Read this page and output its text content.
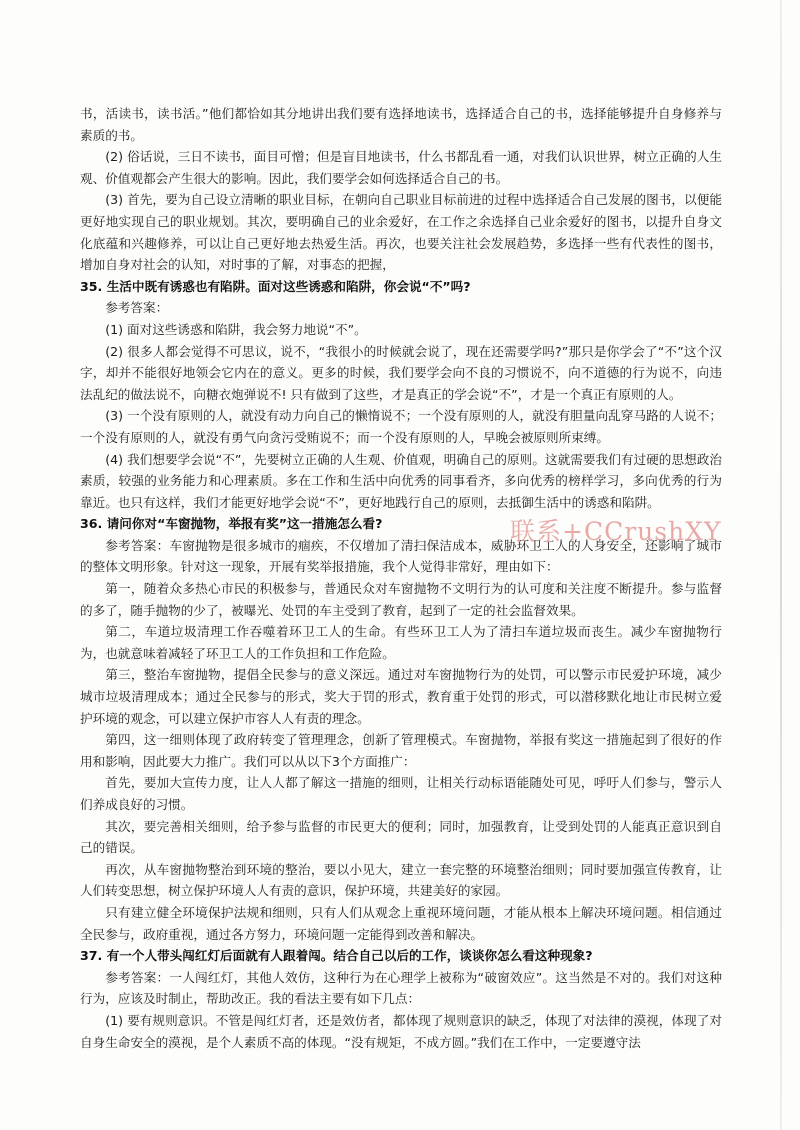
书，活读书，读书活。”他们都恰如其分地讲出我们要有选择地读书，选择适合自己的书，选择能够提升自身修养与素质的书。

(2) 俗话说，三日不读书，面目可憎；但是盲目地读书，什么书都乱看一通，对我们认识世界，树立正确的人生观、价值观都会产生很大的影响。因此，我们要学会如何选择适合自己的书。

(3) 首先，要为自己设立清晰的职业目标，在朝向自己职业目标前进的过程中选择适合自己发展的图书，以便能更好地实现自己的职业规划。其次，要明确自己的业余爱好，在工作之余选择自己业余爱好的图书，以提升自身文化底蕴和兴趣修养，可以让自己更好地去热爱生活。再次，也要关注社会发展趋势，多选择一些有代表性的图书，增加自身对社会的认知，对时事的了解，对事态的把握，

35. 生活中既有诱惑也有陷阱。面对这些诱惑和陷阱，你会说“不”吗?

参考答案：

(1) 面对这些诱惑和陷阱，我会努力地说“不”。

(2) 很多人都会觉得不可思议，说不，“我很小的时候就会说了，现在还需要学吗?”那只是你学会了“不”这个汉字，却并不能很好地领会它内在的意义。更多的时候，我们要学会向不良的习惯说不，向不道德的行为说不，向违法乱纪的做法说不，向糖衣炮弹说不! 只有做到了这些，才是真正的学会说“不”，才是一个真正有原则的人。

(3) 一个没有原则的人，就没有动力向自己的懒惰说不；一个没有原则的人，就没有胆量向乱穿马路的人说不；一个没有原则的人，就没有勇气向贪污受贿说不；而一个没有原则的人，早晚会被原则所束缚。

(4) 我们想要学会说“不”，先要树立正确的人生观、价值观，明确自己的原则。这就需要我们有过硬的思想政治素质，较强的业务能力和心理素质。多在工作和生活中向优秀的同事看齐，多向优秀的榜样学习，多向优秀的行为靠近。也只有这样，我们才能更好地学会说“不”，更好地践行自己的原则，去抵御生活中的诱惑和陷阱。

36. 请问你对“车窗抛物，举报有奖”这一措施怎么看?

参考答案：车窗抛物是很多城市的痼疾，不仅增加了清扫保洁成本，威胁环卫工人的人身安全，还影响了城市的整体文明形象。针对这一现象，开展有奖举报措施，我个人觉得非常好，理由如下：

第一，随着众多热心市民的积极参与，普通民众对车窗抛物不文明行为的认可度和关注度不断提升。参与监督的多了，随手抛物的少了，被曝光、处罚的车主受到了教育，起到了一定的社会监督效果。

第二，车道垃圾清理工作吞噬着环卫工人的生命。有些环卫工人为了清扫车道垃圾而丧生。减少车窗抛物行为，也就意味着减轻了环卫工人的工作负担和工作危险。

第三，整治车窗抛物，提倡全民参与的意义深远。通过对车窗抛物行为的处罚，可以警示市民爱护环境，减少城市垃圾清理成本；通过全民参与的形式，奖大于罚的形式，教育重于处罚的形式，可以潜移默化地让市民树立爱护环境的观念，可以建立保护市容人人有责的理念。

第四，这一细则体现了政府转变了管理理念，创新了管理模式。车窗抛物，举报有奖这一措施起到了很好的作用和影响，因此要大力推广。我们可以从以下3个方面推广：

首先，要加大宣传力度，让人人都了解这一措施的细则，让相关行动标语能随处可见，呼吁人们参与，警示人们养成良好的习惯。

其次，要完善相关细则，给予参与监督的市民更大的便利；同时，加强教育，让受到处罚的人能真正意识到自己的错误。

再次，从车窗抛物整治到环境的整治，要以小见大，建立一套完整的环境整治细则；同时要加强宣传教育，让人们转变思想，树立保护环境人人有责的意识，保护环境，共建美好的家园。

只有建立健全环境保护法规和细则，只有人们从观念上重视环境问题，才能从根本上解决环境问题。相信通过全民参与，政府重视，通过各方努力，环境问题一定能得到改善和解决。

37. 有一个人带头闯红灯后面就有人跟着闯。结合自己以后的工作，谈谈你怎么看这种现象?

参考答案：一人闯红灯，其他人效仿，这种行为在心理学上被称为“破窗效应”。这当然是不对的。我们对这种行为，应该及时制止，帮助改正。我的看法主要有如下几点：

(1) 要有规则意识。不管是闯红灯者，还是效仿者，都体现了规则意识的缺乏，体现了对法律的漠视，体现了对自身生命安全的漠视，是个人素质不高的体现。“没有规矩，不成方圆。”我们在工作中，一定要遵守法

联系+CCrushXY
